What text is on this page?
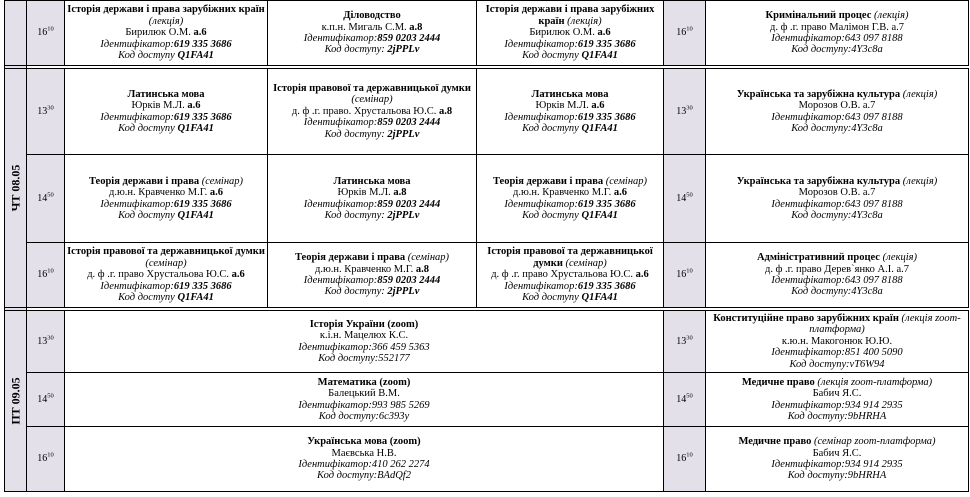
	$16^{10}$	Історія держави і права зарубіжних країн (лекція)
Бирилюк О.М. а.6
Ідентифікатор:619 335 3686
Код доступу Q1FA41	Діловодство
к.п.н. Мигаль С.М. а.8
Ідентифікатор:859 0203 2444
Код доступу: 2jPPLv	Історія держави і права зарубіжних країн (лекція)
Бирилюк О.М. а.6
Ідентифікатор:619 335 3686
Код доступу Q1FA41	$16^{10}$	Кримінальний процес (лекція)
д. ф .г. право Малімон Г.В. а.7
Ідентифікатор:643 097 8188
Код доступу:4Y3c8a

ЧТ 08.05	$13^{30}$	Латинська мова
Юрків М.Л. а.6
Ідентифікатор:619 335 3686
Код доступу Q1FA41	Історія правової та державницької думки (семінар)
д. ф .г. право. Хрустальова Ю.С. а.8
Ідентифікатор:859 0203 2444
Код доступу: 2jPPLv	Латинська мова
Юрків М.Л. а.6
Ідентифікатор:619 335 3686
Код доступу Q1FA41	$13^{30}$	Українська та зарубіжна культура (лекція)
Морозов О.В. а.7
Ідентифікатор:643 097 8188
Код доступу:4Y3c8a

	$14^{50}$	Теорія держави і права (семінар)
д.ю.н. Кравченко М.Г. а.6
Ідентифікатор:619 335 3686
Код доступу Q1FA41	Латинська мова
Юрків М.Л. а.8
Ідентифікатор:859 0203 2444
Код доступу: 2jPPLv	Теорія держави і права (семінар)
д.ю.н. Кравченко М.Г. а.6
Ідентифікатор:619 335 3686
Код доступу Q1FA41	$14^{50}$	Українська та зарубіжна культура (лекція)
Морозов О.В. а.7
Ідентифікатор:643 097 8188
Код доступу:4Y3c8a

	$16^{10}$	Історія правової та державницької думки (семінар)
д. ф .г. право Хрустальова Ю.С. а.6
Ідентифікатор:619 335 3686
Код доступу Q1FA41	Теорія держави і права (семінар)
д.ю.н. Кравченко М.Г. а.8
Ідентифікатор:859 0203 2444
Код доступу: 2jPPLv	Історія правової та державницької думки (семінар)
д. ф .г. право Хрустальова Ю.С. а.6
Ідентифікатор:619 335 3686
Код доступу Q1FA41	$16^{10}$	Адміністративний процес (лекція)
д. ф .г. право Дерев`янко А.І. а.7
Ідентифікатор:643 097 8188
Код доступу:4Y3c8a

ПТ 09.05	$13^{30}$	Історія України (zoom)
к.і.н. Мацелюх К.С.
Ідентифікатор:366 459 5363
Код доступу:552177			$13^{30}$	Конституційне право зарубіжних країн (лекція zoom-платформа)
к.ю.н. Макогонюк Ю.Ю.
Ідентифікатор:851 400 5090
Код доступу:vT6W94

	$14^{50}$	Математика (zoom)
Балецький В.М.
Ідентифікатор:993 985 5269
Код доступу:6c393y			$14^{50}$	Медичне право (лекція zoom-платформа)
Бабич Я.С.
Ідентифікатор:934 914 2935
Код доступу:9bHRHA

	$16^{10}$	Українська мова (zoom)
Маєвська Н.В.
Ідентифікатор:410 262 2274
Код доступу:BAdQf2			$16^{10}$	Медичне право (семінар zoom-платформа)
Бабич Я.С.
Ідентифікатор:934 914 2935
Код доступу:9bHRHA
